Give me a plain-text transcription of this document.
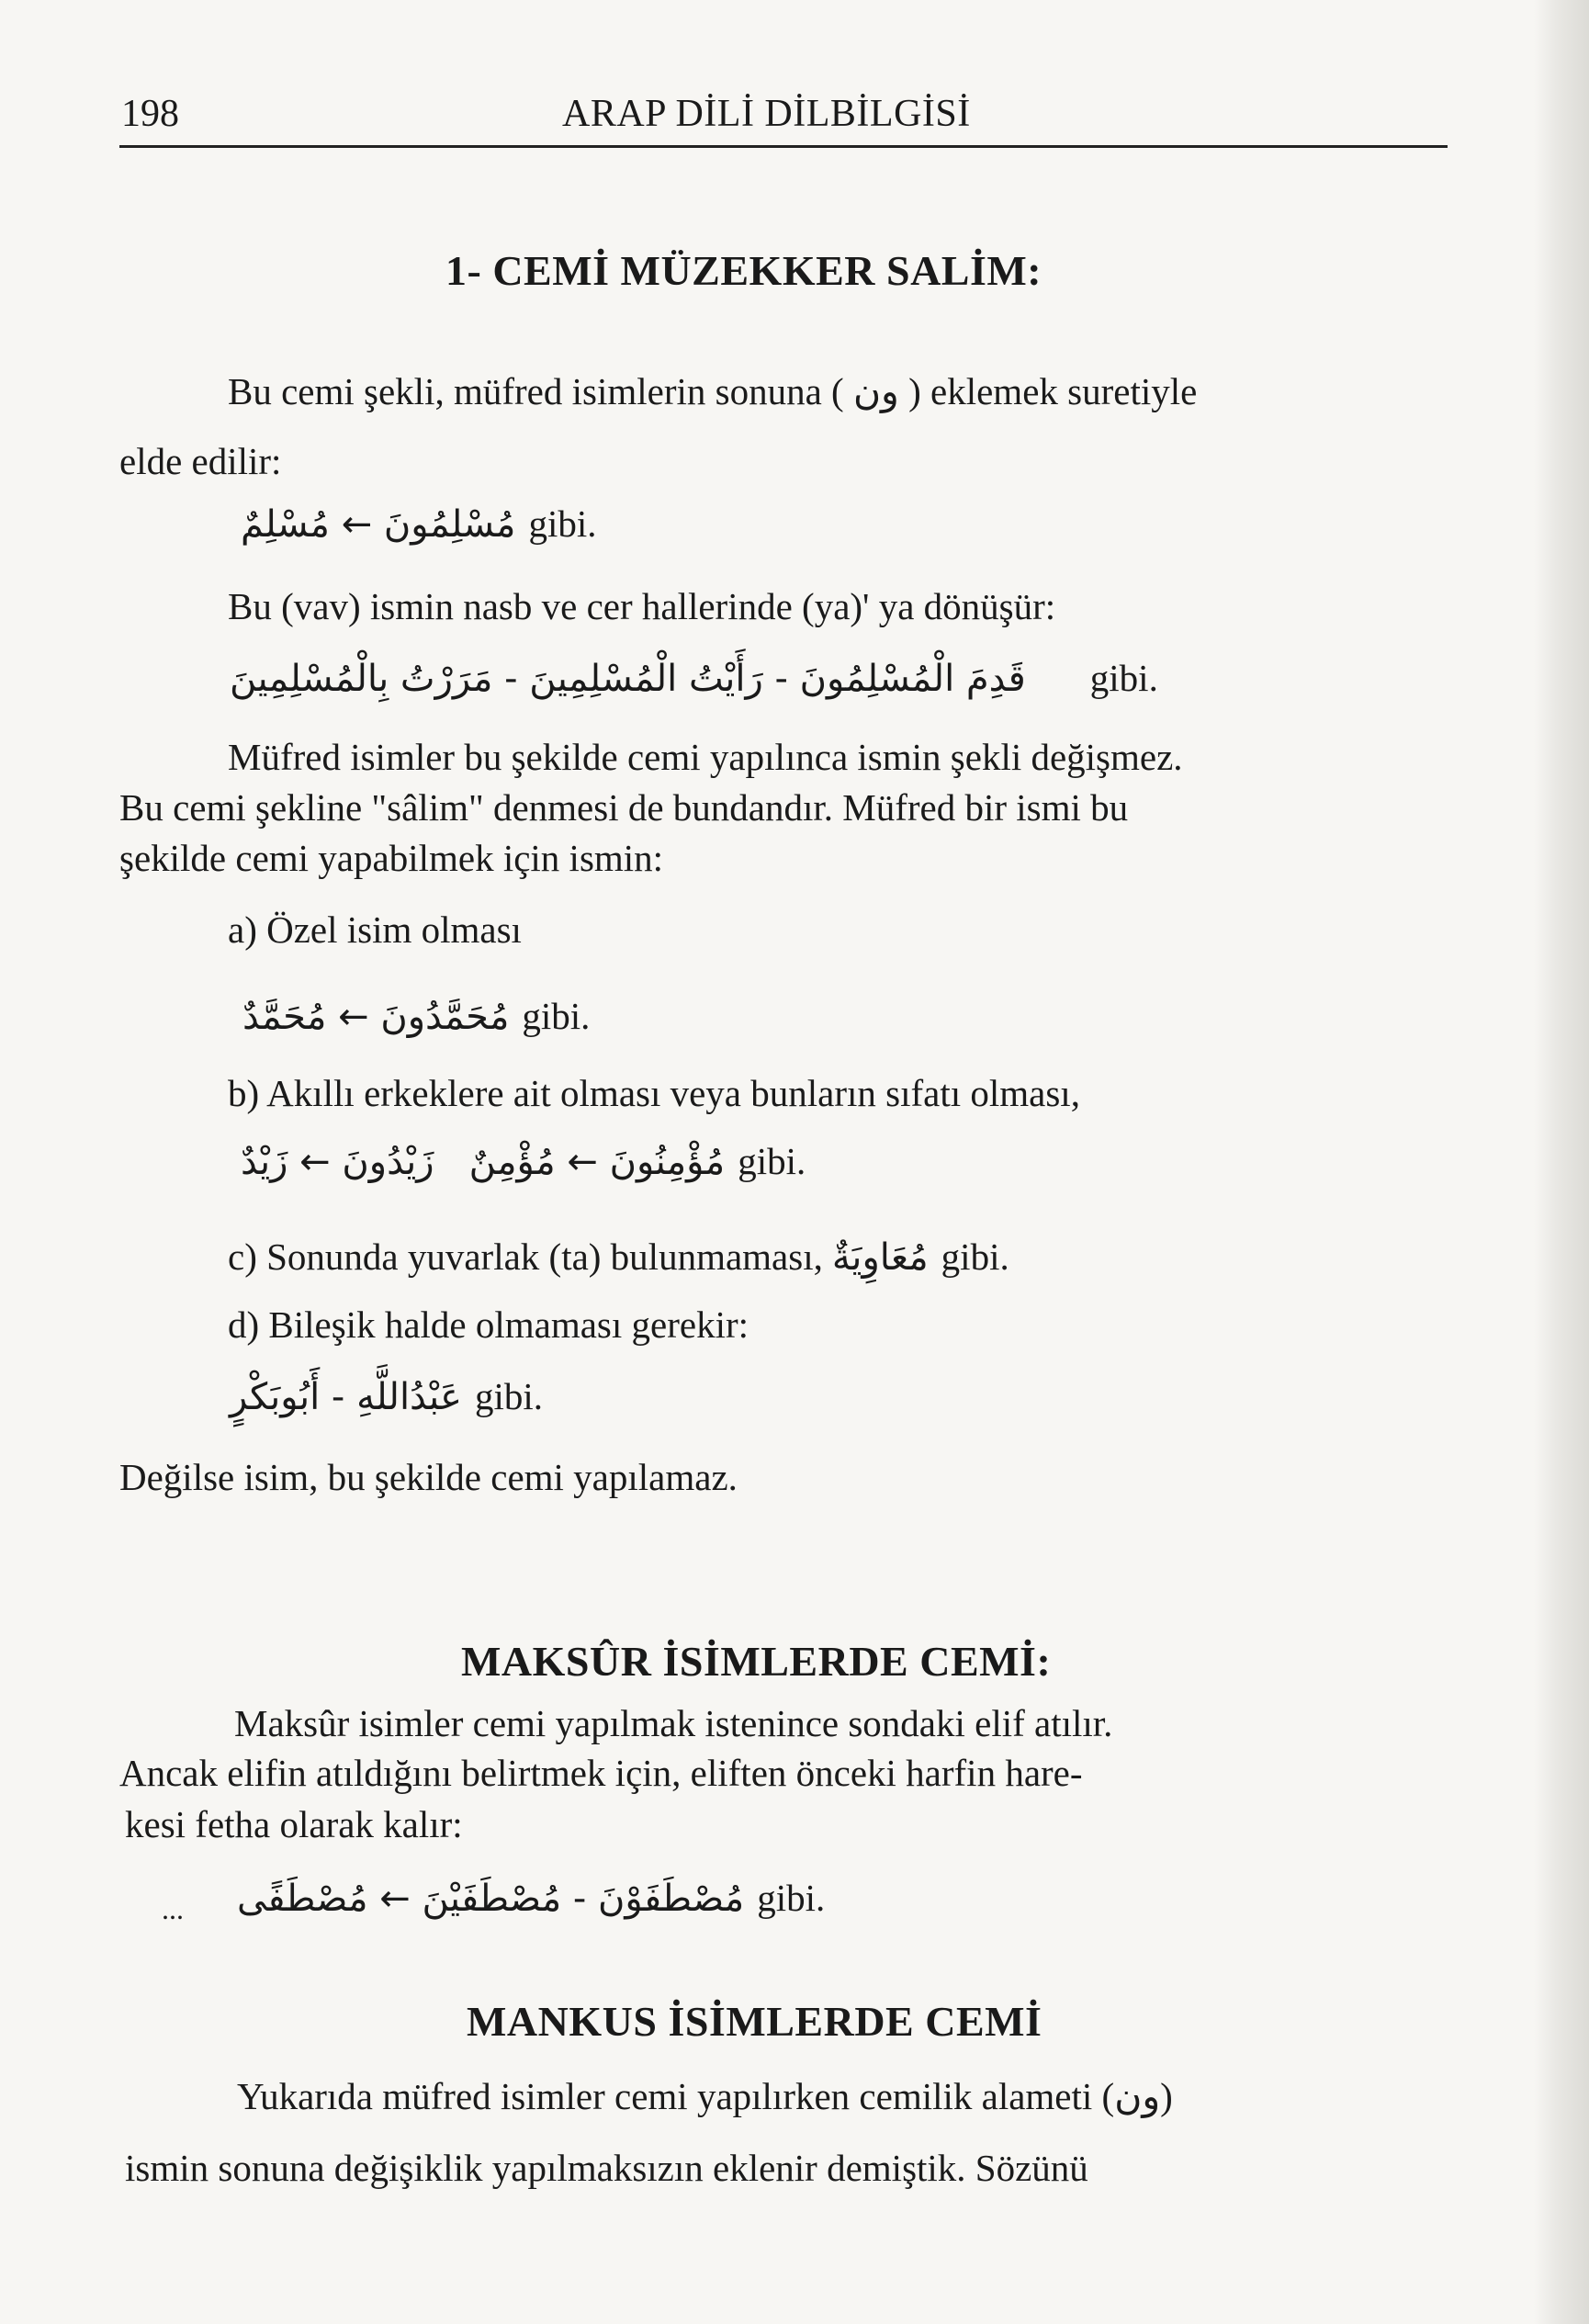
198	ARAP DİLİ DİLBİLGİSİ
1- CEMİ MÜZEKKER SALİM:
Bu cemi şekli, müfred isimlerin sonuna ( ون ) eklemek suretiyle
elde edilir:
مُسْلِمُونَ ← مُسْلِمٌ gibi.
Bu (vav) ismin nasb ve cer hallerinde (ya)' ya dönüşür:
قَدِمَ الْمُسْلِمُونَ - رَأَيْتُ الْمُسْلِمِينَ - مَرَرْتُ بِالْمُسْلِمِينَ gibi.
Müfred isimler bu şekilde cemi yapılınca ismin şekli değişmez.
Bu cemi şekline "sâlim" denmesi de bundandır. Müfred bir ismi bu
şekilde cemi yapabilmek için ismin:
a) Özel isim olması
مُحَمَّدُونَ ← مُحَمَّدٌ gibi.
b) Akıllı erkeklere ait olması veya bunların sıfatı olması,
مُؤْمِنُونَ ← مُؤْمِنٌ   زَيْدُونَ ← زَيْدٌ gibi.
c) Sonunda yuvarlak (ta) bulunmaması, مُعَاوِيَةٌ gibi.
d) Bileşik halde olmaması gerekir:
عَبْدُاللَّهِ - أَبُوبَكْرٍ gibi.
Değilse isim, bu şekilde cemi yapılamaz.
MAKSÛR İSİMLERDE CEMİ:
Maksûr isimler cemi yapılmak istenince sondaki elif atılır.
Ancak elifin atıldığını belirtmek için, eliften önceki harfin hare-
kesi fetha olarak kalır:
... مُصْطَفَوْنَ - مُصْطَفَيْنَ ← مُصْطَفًى gibi.
MANKUS İSİMLERDE CEMİ
Yukarıda müfred isimler cemi yapılırken cemilik alameti (ون)
ismin sonuna değişiklik yapılmaksızın eklenir demiştik. Sözünü
